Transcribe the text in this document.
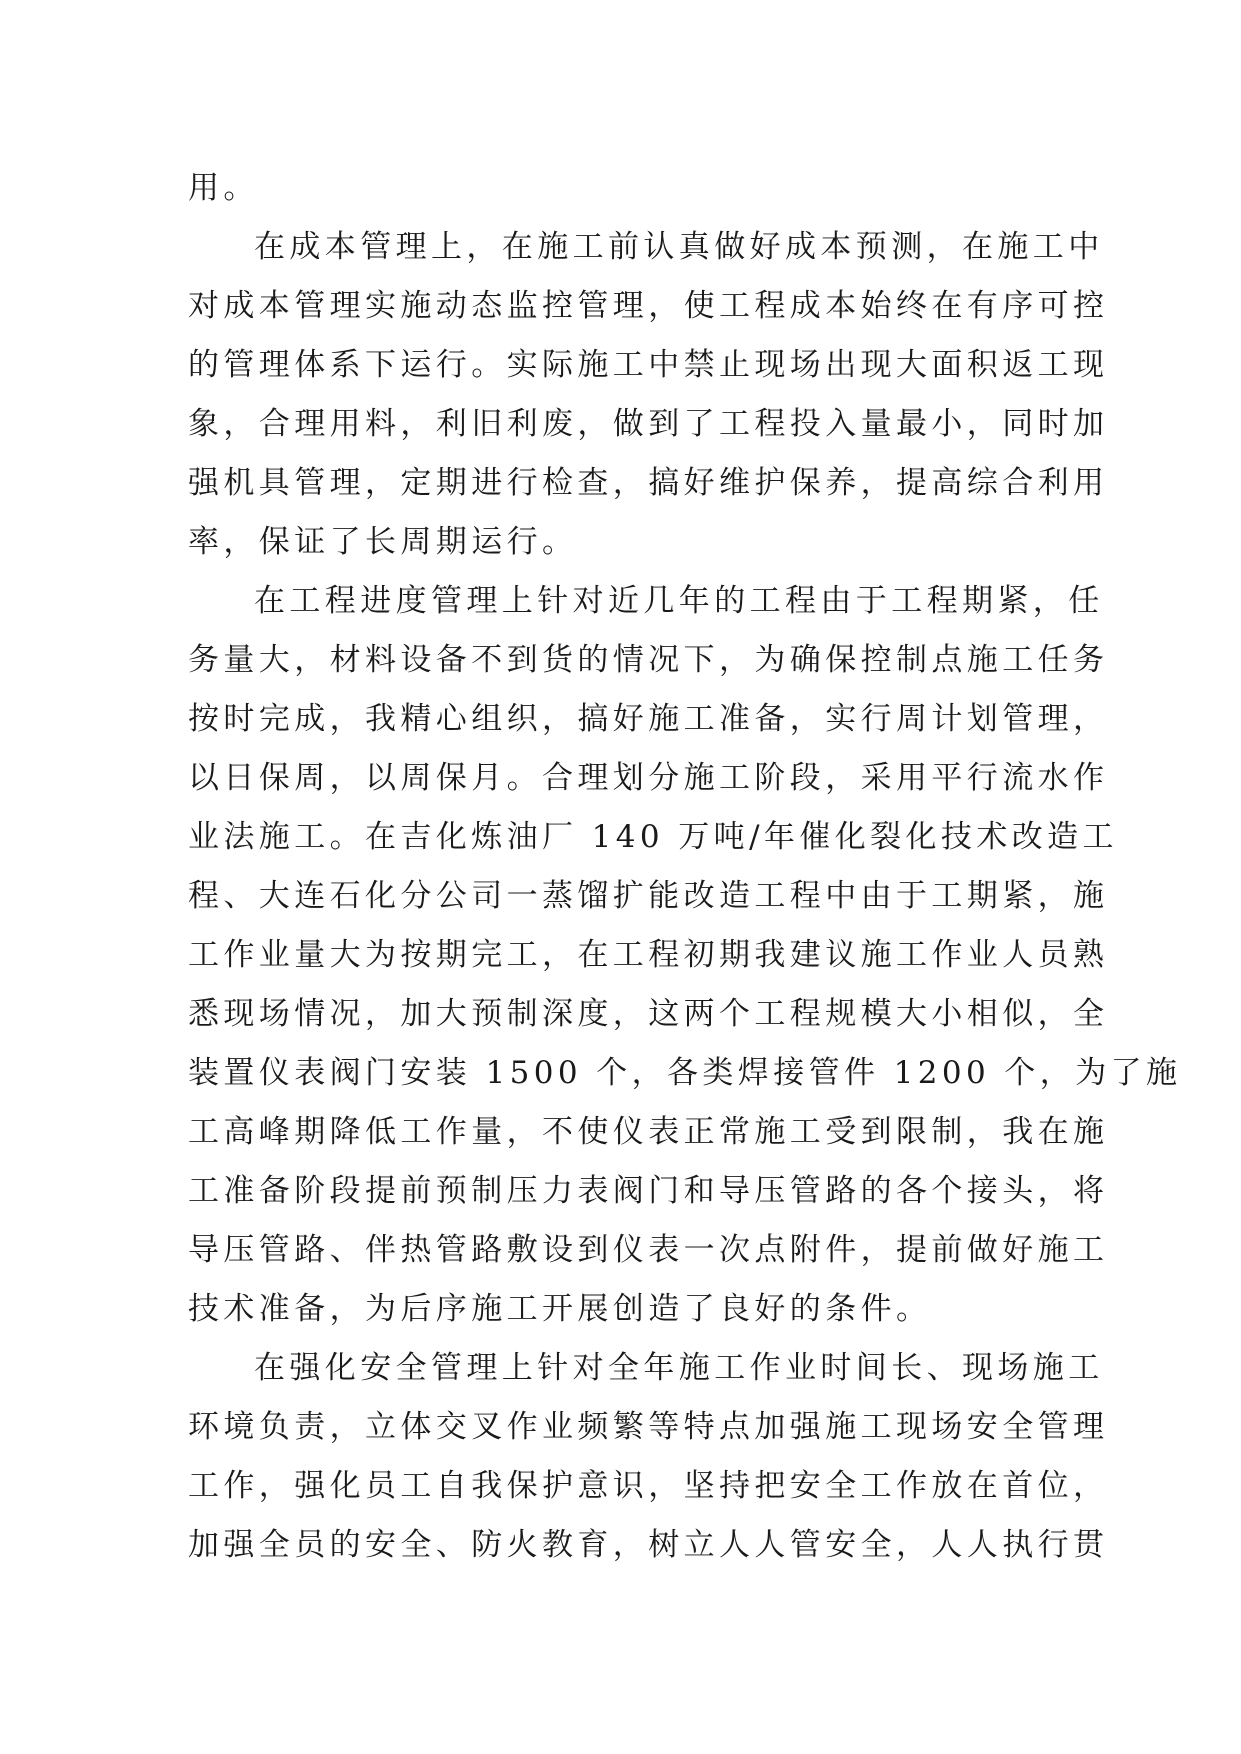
用。
在成本管理上，在施工前认真做好成本预测，在施工中
对成本管理实施动态监控管理，使工程成本始终在有序可控
的管理体系下运行。实际施工中禁止现场出现大面积返工现
象，合理用料，利旧利废，做到了工程投入量最小，同时加
强机具管理，定期进行检查，搞好维护保养，提高综合利用
率，保证了长周期运行。
在工程进度管理上针对近几年的工程由于工程期紧，任
务量大，材料设备不到货的情况下，为确保控制点施工任务
按时完成，我精心组织，搞好施工准备，实行周计划管理，
以日保周，以周保月。合理划分施工阶段，采用平行流水作
业法施工。在吉化炼油厂 140 万吨/年催化裂化技术改造工
程、大连石化分公司一蒸馏扩能改造工程中由于工期紧，施
工作业量大为按期完工，在工程初期我建议施工作业人员熟
悉现场情况，加大预制深度，这两个工程规模大小相似，全
装置仪表阀门安装 1500 个，各类焊接管件 1200 个，为了施
工高峰期降低工作量，不使仪表正常施工受到限制，我在施
工准备阶段提前预制压力表阀门和导压管路的各个接头，将
导压管路、伴热管路敷设到仪表一次点附件，提前做好施工
技术准备，为后序施工开展创造了良好的条件。
在强化安全管理上针对全年施工作业时间长、现场施工
环境负责，立体交叉作业频繁等特点加强施工现场安全管理
工作，强化员工自我保护意识，坚持把安全工作放在首位，
加强全员的安全、防火教育，树立人人管安全，人人执行贯
